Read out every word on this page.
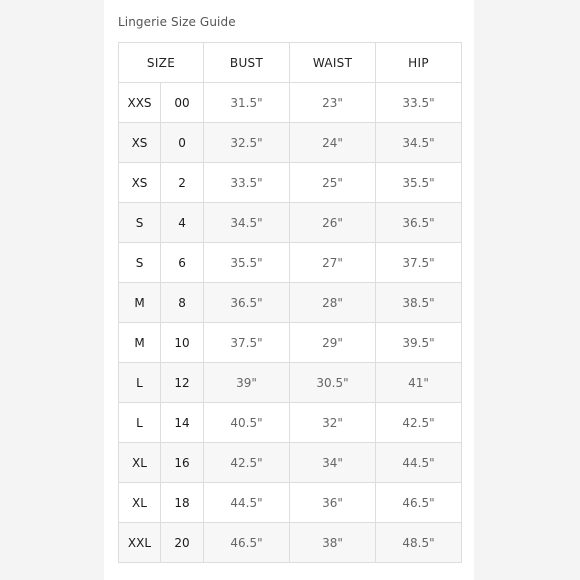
Lingerie Size Guide
SIZE		BUST	WAIST	HIP
XXS	00	31.5"	23"	33.5"
XS	0	32.5"	24"	34.5"
XS	2	33.5"	25"	35.5"
S	4	34.5"	26"	36.5"
S	6	35.5"	27"	37.5"
M	8	36.5"	28"	38.5"
M	10	37.5"	29"	39.5"
L	12	39"	30.5"	41"
L	14	40.5"	32"	42.5"
XL	16	42.5"	34"	44.5"
XL	18	44.5"	36"	46.5"
XXL	20	46.5"	38"	48.5"
